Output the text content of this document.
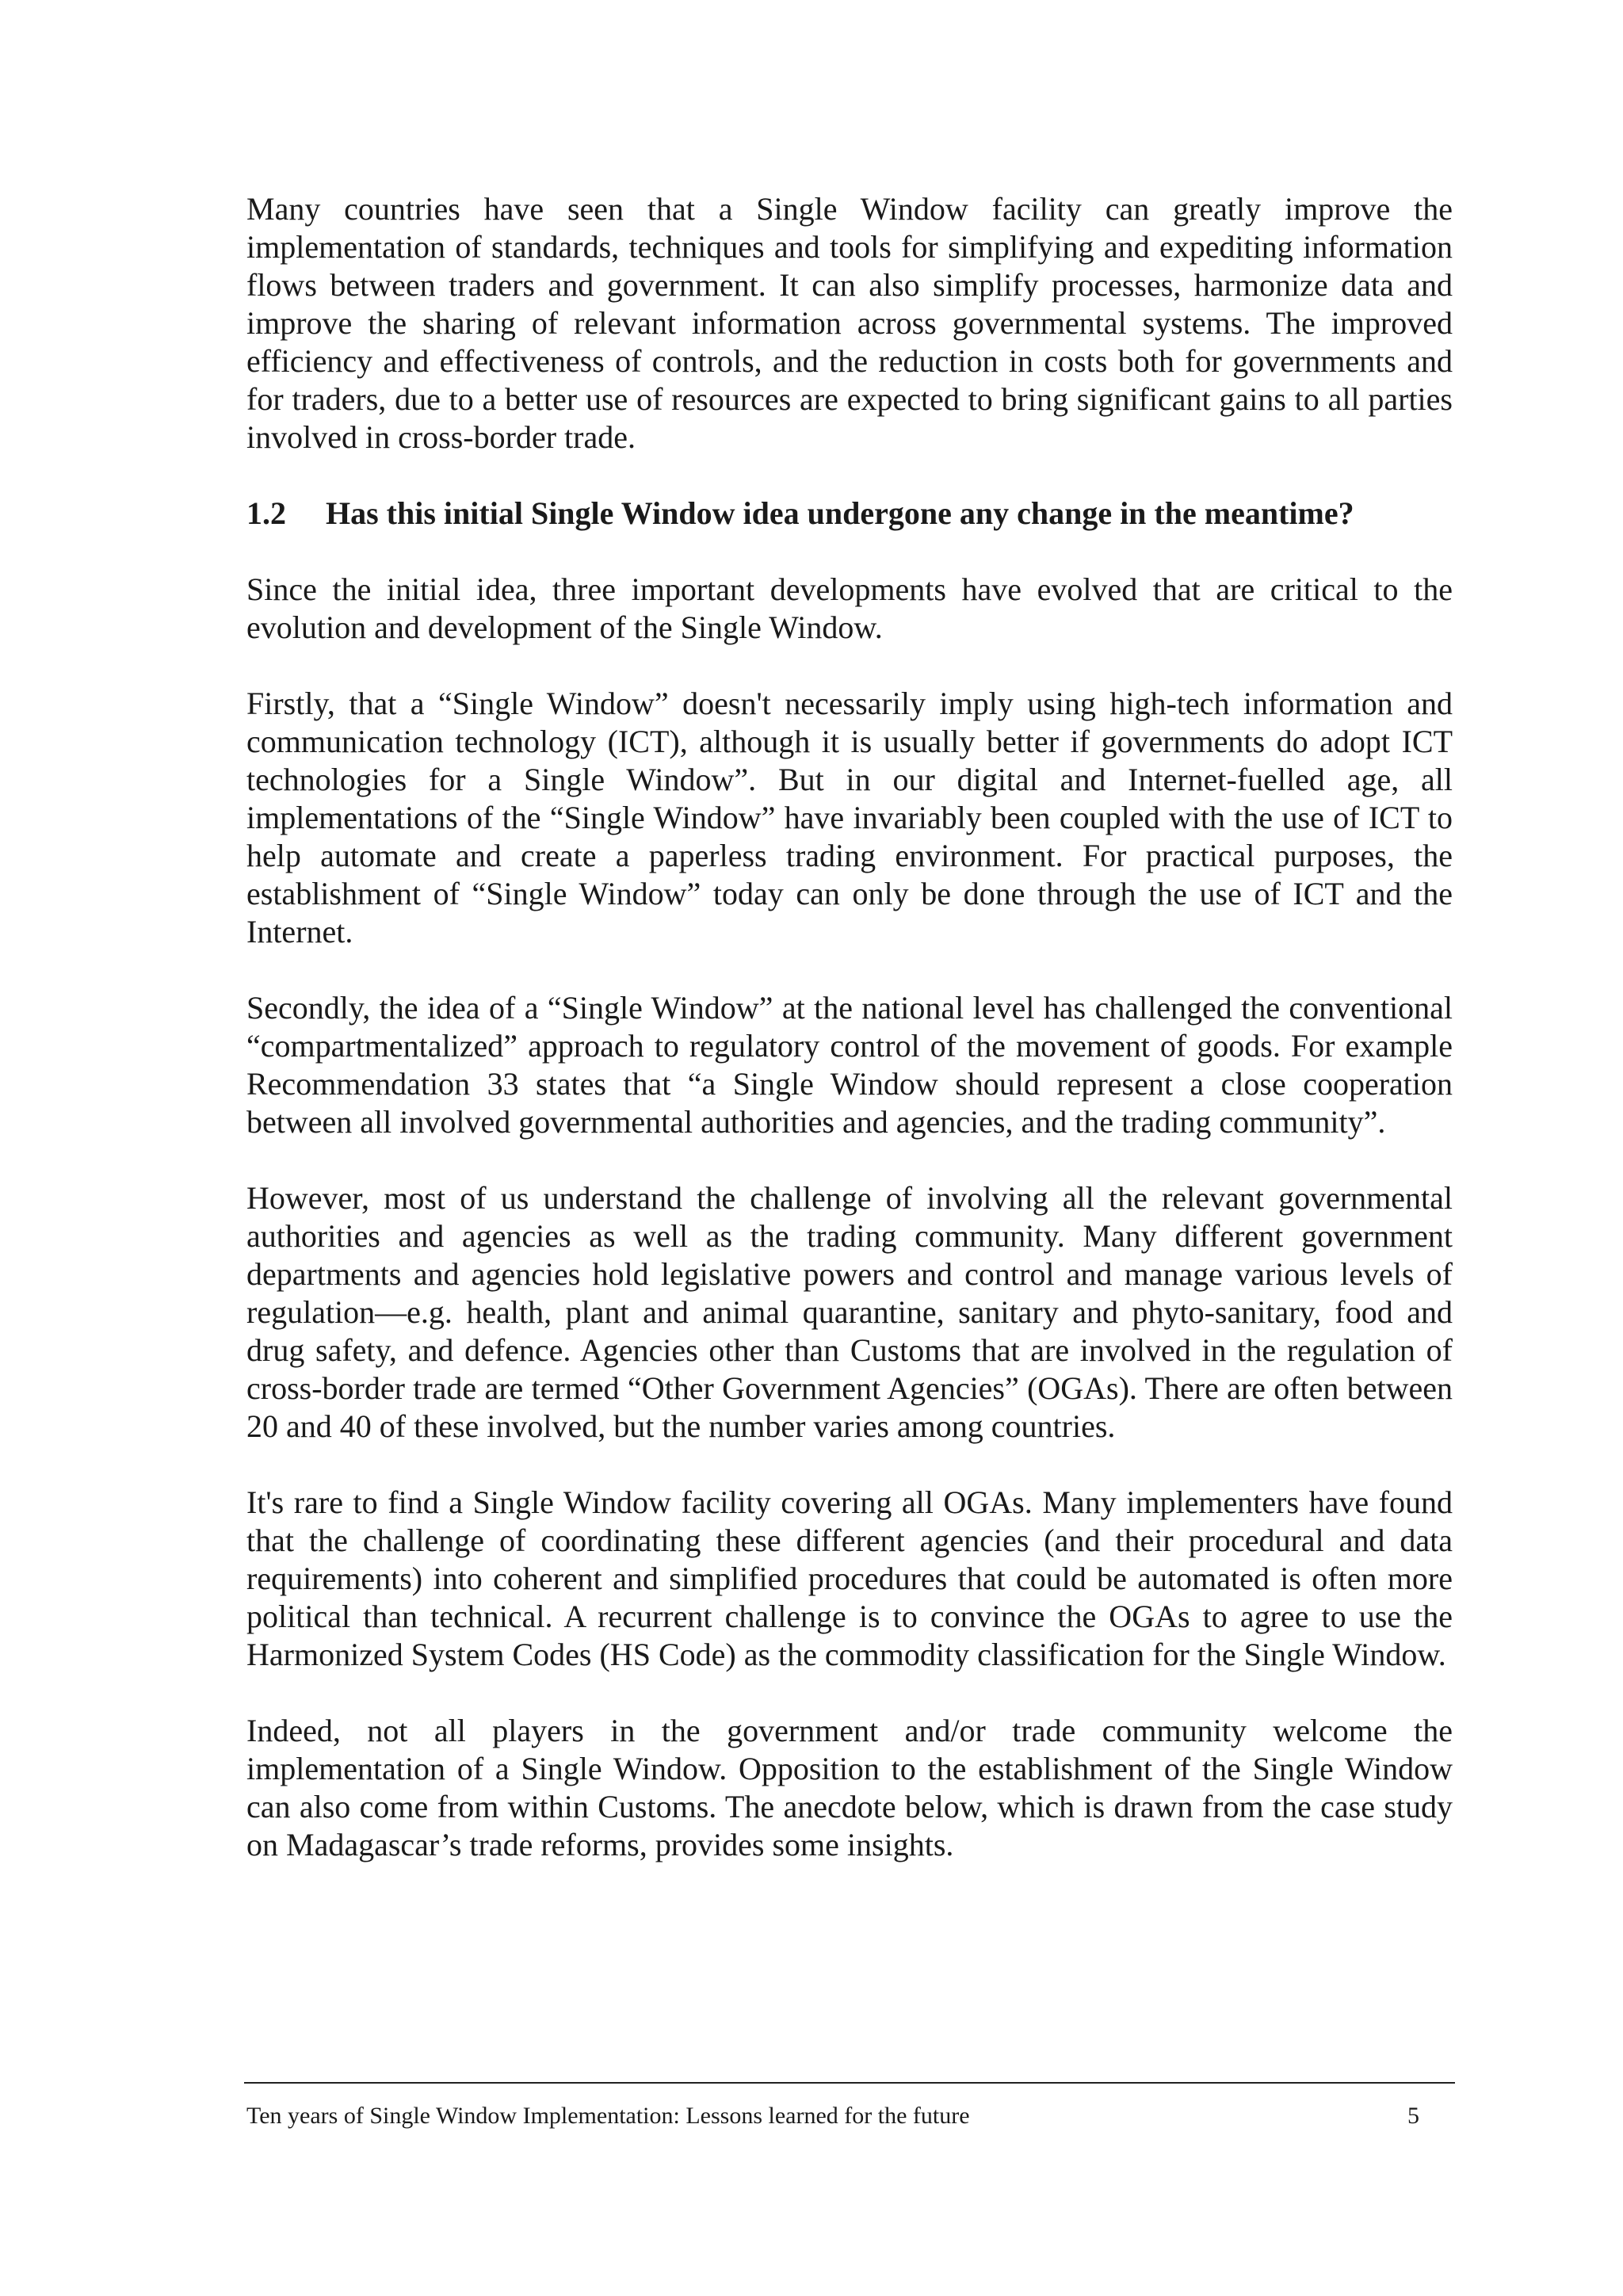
Many countries have seen that a Single Window facility can greatly improve the implementation of standards, techniques and tools for simplifying and expediting information flows between traders and government. It can also simplify processes, harmonize data and improve the sharing of relevant information across governmental systems. The improved efficiency and effectiveness of controls, and the reduction in costs both for governments and for traders, due to a better use of resources are expected to bring significant gains to all parties involved in cross-border trade.

1.2	Has this initial Single Window idea undergone any change in the meantime?

Since the initial idea, three important developments have evolved that are critical to the evolution and development of the Single Window.

Firstly, that a “Single Window” doesn't necessarily imply using high-tech information and communication technology (ICT), although it is usually better if governments do adopt ICT technologies for a Single Window”. But in our digital and Internet-fuelled age, all implementations of the “Single Window” have invariably been coupled with the use of ICT to help automate and create a paperless trading environment. For practical purposes, the establishment of “Single Window” today can only be done through the use of ICT and the Internet.

Secondly, the idea of a “Single Window” at the national level has challenged the conventional “compartmentalized” approach to regulatory control of the movement of goods. For example Recommendation 33 states that “a Single Window should represent a close cooperation between all involved governmental authorities and agencies, and the trading community”.

However, most of us understand the challenge of involving all the relevant governmental authorities and agencies as well as the trading community. Many different government departments and agencies hold legislative powers and control and manage various levels of regulation—e.g. health, plant and animal quarantine, sanitary and phyto-sanitary, food and drug safety, and defence. Agencies other than Customs that are involved in the regulation of cross-border trade are termed “Other Government Agencies” (OGAs). There are often between 20 and 40 of these involved, but the number varies among countries.

It's rare to find a Single Window facility covering all OGAs. Many implementers have found that the challenge of coordinating these different agencies (and their procedural and data requirements) into coherent and simplified procedures that could be automated is often more political than technical. A recurrent challenge is to convince the OGAs to agree to use the Harmonized System Codes (HS Code) as the commodity classification for the Single Window.

Indeed, not all players in the government and/or trade community welcome the implementation of a Single Window. Opposition to the establishment of the Single Window can also come from within Customs. The anecdote below, which is drawn from the case study on Madagascar’s trade reforms, provides some insights.

Ten years of Single Window Implementation: Lessons learned for the future	5
